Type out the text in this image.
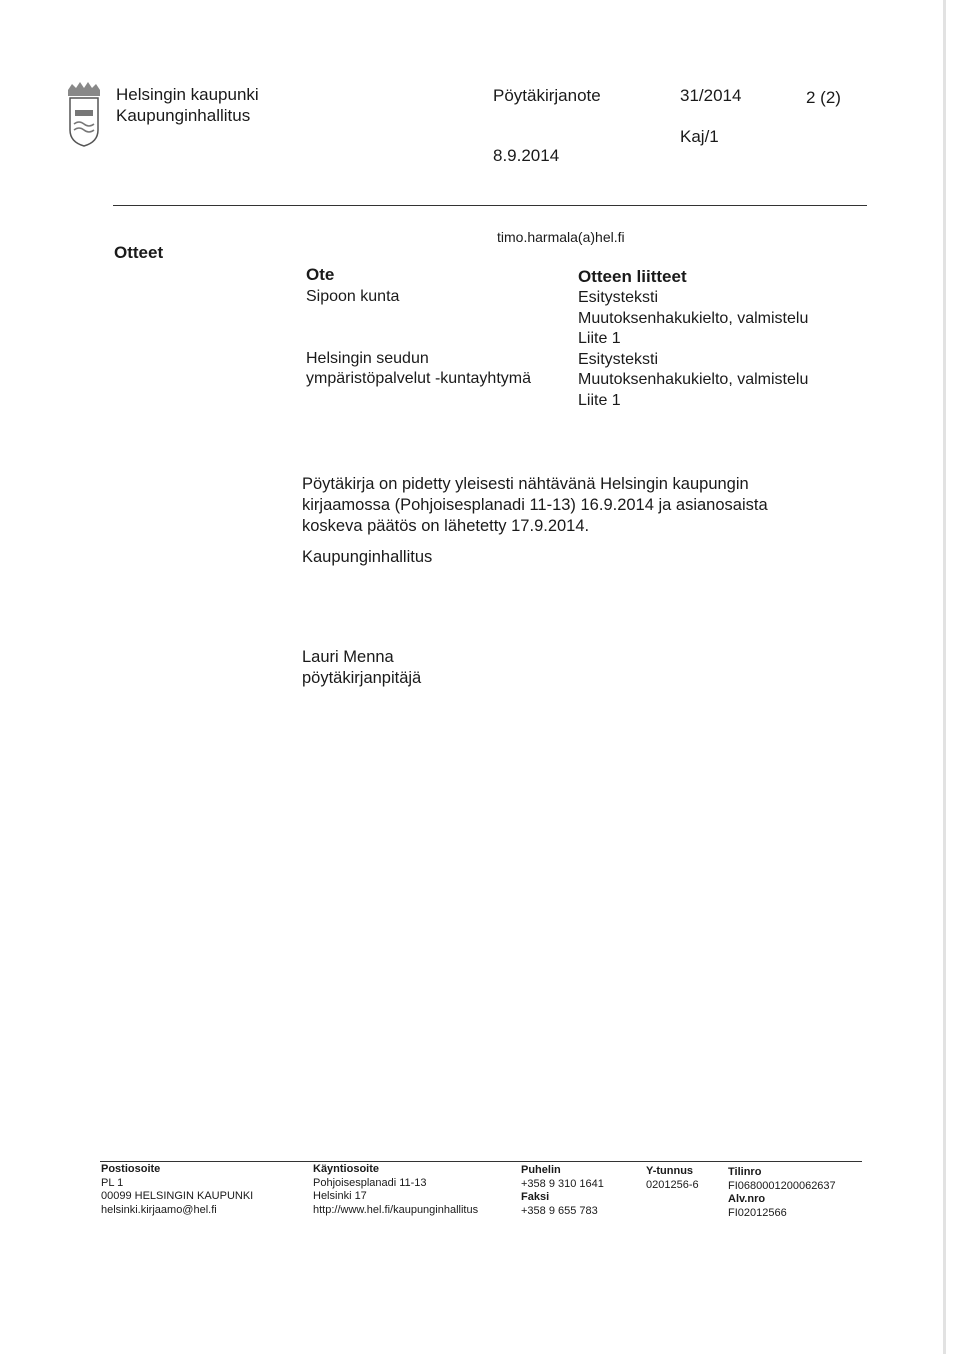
Helsingin kaupunki
Kaupunginhallitus
Pöytäkirjanote	31/2014	2 (2)
Kaj/1
8.9.2014
Otteet
timo.harmala(a)hel.fi
Ote
Sipoon kunta
Helsingin seudun
ympäristöpalvelut -kuntayhtymä
Otteen liitteet
Esitysteksti
Muutoksenhakukielto, valmistelu
Liite 1
Esitysteksti
Muutoksenhakukielto, valmistelu
Liite 1
Pöytäkirja on pidetty yleisesti nähtävänä Helsingin kaupungin
kirjaamossa (Pohjoisesplanadi 11-13) 16.9.2014 ja asianosaista
koskeva päätös on lähetetty 17.9.2014.
Kaupunginhallitus
Lauri Menna
pöytäkirjanpitäjä
Postiosoite
PL 1
00099 HELSINGIN KAUPUNKI
helsinki.kirjaamo@hel.fi
Käyntiosoite
Pohjoisesplanadi 11-13
Helsinki 17
http://www.hel.fi/kaupunginhallitus
Puhelin
+358 9 310 1641
Faksi
+358 9 655 783
Y-tunnus
0201256-6
Tilinro
FI0680001200062637
Alv.nro
FI02012566
